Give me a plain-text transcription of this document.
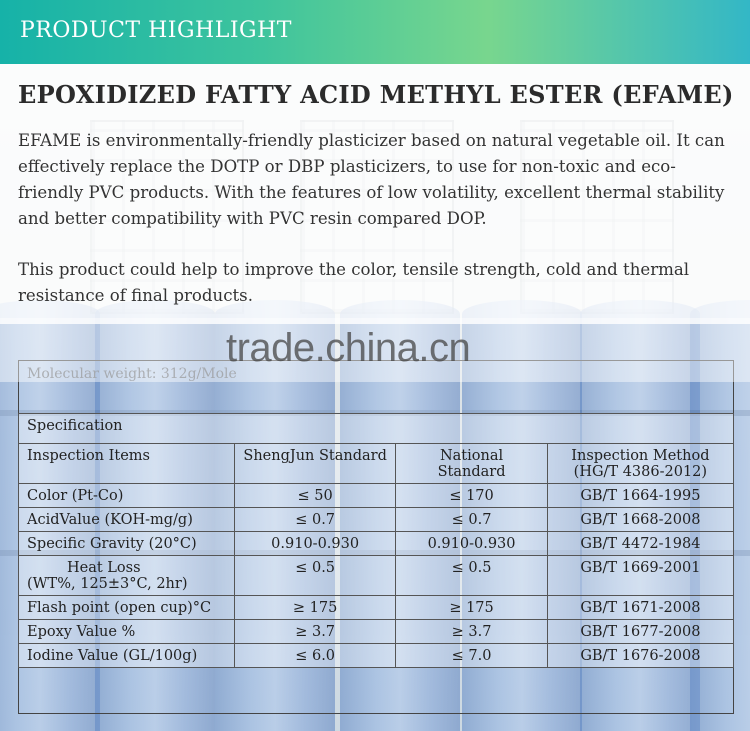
PRODUCT HIGHLIGHT
EPOXIDIZED FATTY ACID METHYL ESTER (EFAME)
EFAME is environmentally-friendly plasticizer based on natural vegetable oil. It can effectively replace the DOTP or DBP plasticizers, to use for non-toxic and eco-friendly PVC products. With the features of low volatility, excellent thermal stability and better compatibility with PVC resin compared DOP.
This product could help to improve the color, tensile strength, cold and thermal resistance of final products.
Molecular weight: 312g/Mole
trade.china.cn
Specification			
Inspection Items	ShengJun Standard	National Standard	Inspection Method
(HG/T 4386-2012)
Color (Pt-Co)	≤ 50	≤ 170	GB/T 1664-1995
AcidValue (KOH-mg/g)	≤ 0.7	≤ 0.7	GB/T 1668-2008
Specific Gravity (20°C)	0.910-0.930	0.910-0.930	GB/T 4472-1984
Heat Loss
(WT%, 125±3°C, 2hr)	≤ 0.5	≤ 0.5	GB/T 1669-2001
Flash point (open cup)°C	≥ 175	≥ 175	GB/T 1671-2008
Epoxy Value %	≥ 3.7	≥ 3.7	GB/T 1677-2008
Iodine Value (GL/100g)	≤ 6.0	≤ 7.0	GB/T 1676-2008
